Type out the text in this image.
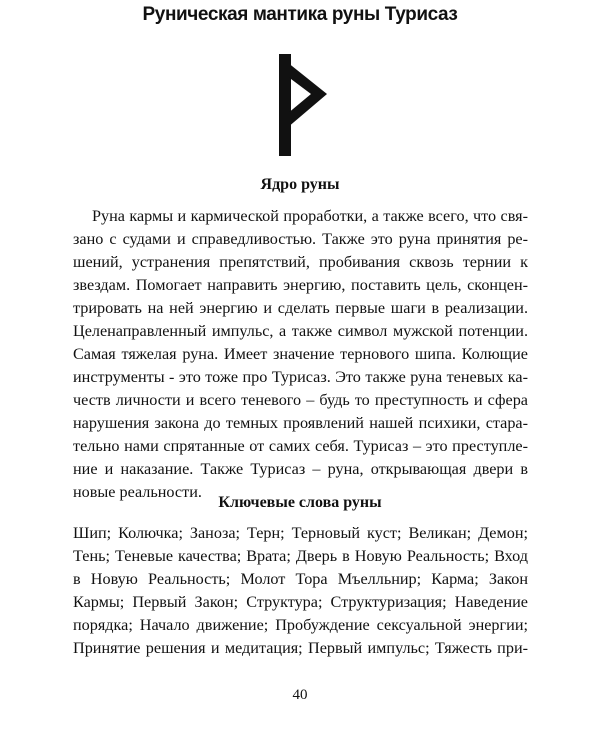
Руническая мантика руны Турисаз
Ядро руны
Руна кармы и кармической проработки, а также всего, что свя-
зано с судами и справедливостью. Также это руна принятия ре-
шений, устранения препятствий, пробивания сквозь тернии к
звездам. Помогает направить энергию, поставить цель, сконцен-
трировать на ней энергию и сделать первые шаги в реализации.
Целенаправленный импульс, а также символ мужской потенции.
Самая тяжелая руна. Имеет значение тернового шипа. Колющие
инструменты - это тоже про Турисаз. Это также руна теневых ка-
честв личности и всего теневого – будь то преступность и сфера
нарушения закона до темных проявлений нашей психики, стара-
тельно нами спрятанные от самих себя. Турисаз – это преступле-
ние и наказание. Также Турисаз – руна, открывающая двери в
новые реальности.
Ключевые слова руны
Шип; Колючка; Заноза; Терн; Терновый куст; Великан; Демон;
Тень; Теневые качества; Врата; Дверь в Новую Реальность; Вход
в Новую Реальность; Молот Тора Мъелльнир; Карма; Закон
Кармы; Первый Закон; Структура; Структуризация; Наведение
порядка; Начало движение; Пробуждение сексуальной энергии;
Принятие решения и медитация; Первый импульс; Тяжесть при-
40
